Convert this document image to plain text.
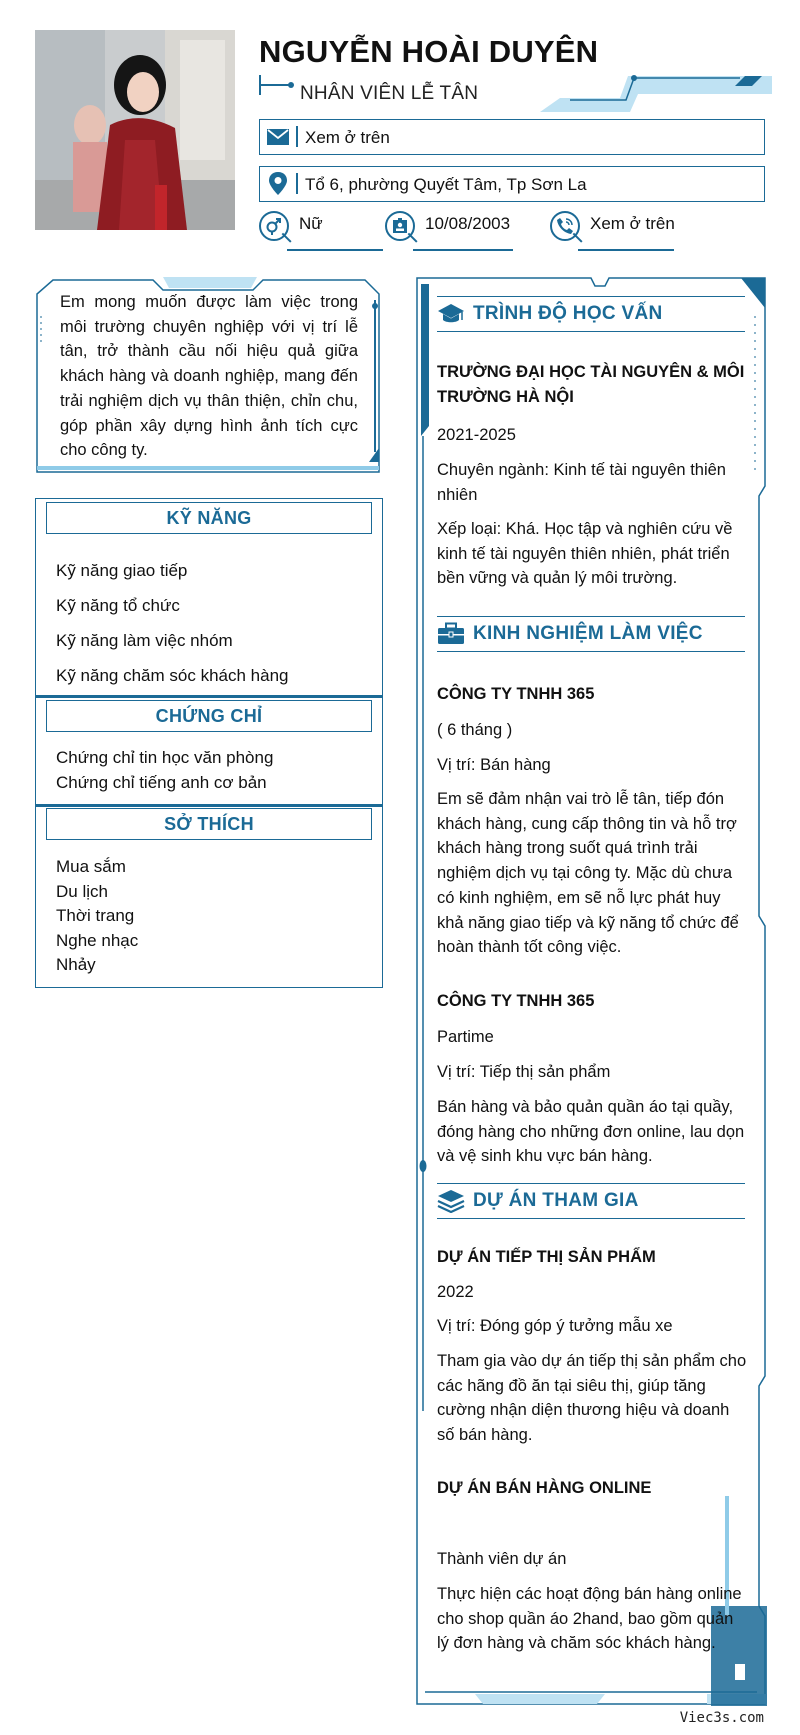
NGUYỄN HOÀI DUYÊN
NHÂN VIÊN LỄ TÂN
Xem ở trên
Tổ 6, phường Quyết Tâm, Tp Sơn La
Nữ	10/08/2003	Xem ở trên
Em mong muốn được làm việc trong môi trường chuyên nghiệp với vị trí lễ tân, trở thành cầu nối hiệu quả giữa khách hàng và doanh nghiệp, mang đến trải nghiệm dịch vụ thân thiện, chỉn chu, góp phần xây dựng hình ảnh tích cực cho công ty.
KỸ NĂNG
Kỹ năng giao tiếp
Kỹ năng tổ chức
Kỹ năng làm việc nhóm
Kỹ năng chăm sóc khách hàng
CHỨNG CHỈ
Chứng chỉ tin học văn phòng
Chứng chỉ tiếng anh cơ bản
SỞ THÍCH
Mua sắm
Du lịch
Thời trang
Nghe nhạc
Nhảy
TRÌNH ĐỘ HỌC VẤN
TRƯỜNG ĐẠI HỌC TÀI NGUYÊN & MÔI TRƯỜNG HÀ NỘI
2021-2025
Chuyên ngành: Kinh tế tài nguyên thiên nhiên
Xếp loại: Khá. Học tập và nghiên cứu về kinh tế tài nguyên thiên nhiên, phát triển bền vững và quản lý môi trường.
KINH NGHIỆM LÀM VIỆC
CÔNG TY TNHH 365
( 6 tháng )
Vị trí: Bán hàng
Em sẽ đảm nhận vai trò lễ tân, tiếp đón khách hàng, cung cấp thông tin và hỗ trợ khách hàng trong suốt quá trình trải nghiệm dịch vụ tại công ty. Mặc dù chưa có kinh nghiệm, em sẽ nỗ lực phát huy khả năng giao tiếp và kỹ năng tổ chức để hoàn thành tốt công việc.
CÔNG TY TNHH 365
Partime
Vị trí: Tiếp thị sản phẩm
Bán hàng và bảo quản quần áo tại quầy, đóng hàng cho những đơn online, lau dọn và vệ sinh khu vực bán hàng.
DỰ ÁN THAM GIA
DỰ ÁN TIẾP THỊ SẢN PHẨM
2022
Vị trí: Đóng góp ý tưởng mẫu xe
Tham gia vào dự án tiếp thị sản phẩm cho các hãng đồ ăn tại siêu thị, giúp tăng cường nhận diện thương hiệu và doanh số bán hàng.
DỰ ÁN BÁN HÀNG ONLINE
Thành viên dự án
Thực hiện các hoạt động bán hàng online cho shop quần áo 2hand, bao gồm quản lý đơn hàng và chăm sóc khách hàng.
Viec3s.com
